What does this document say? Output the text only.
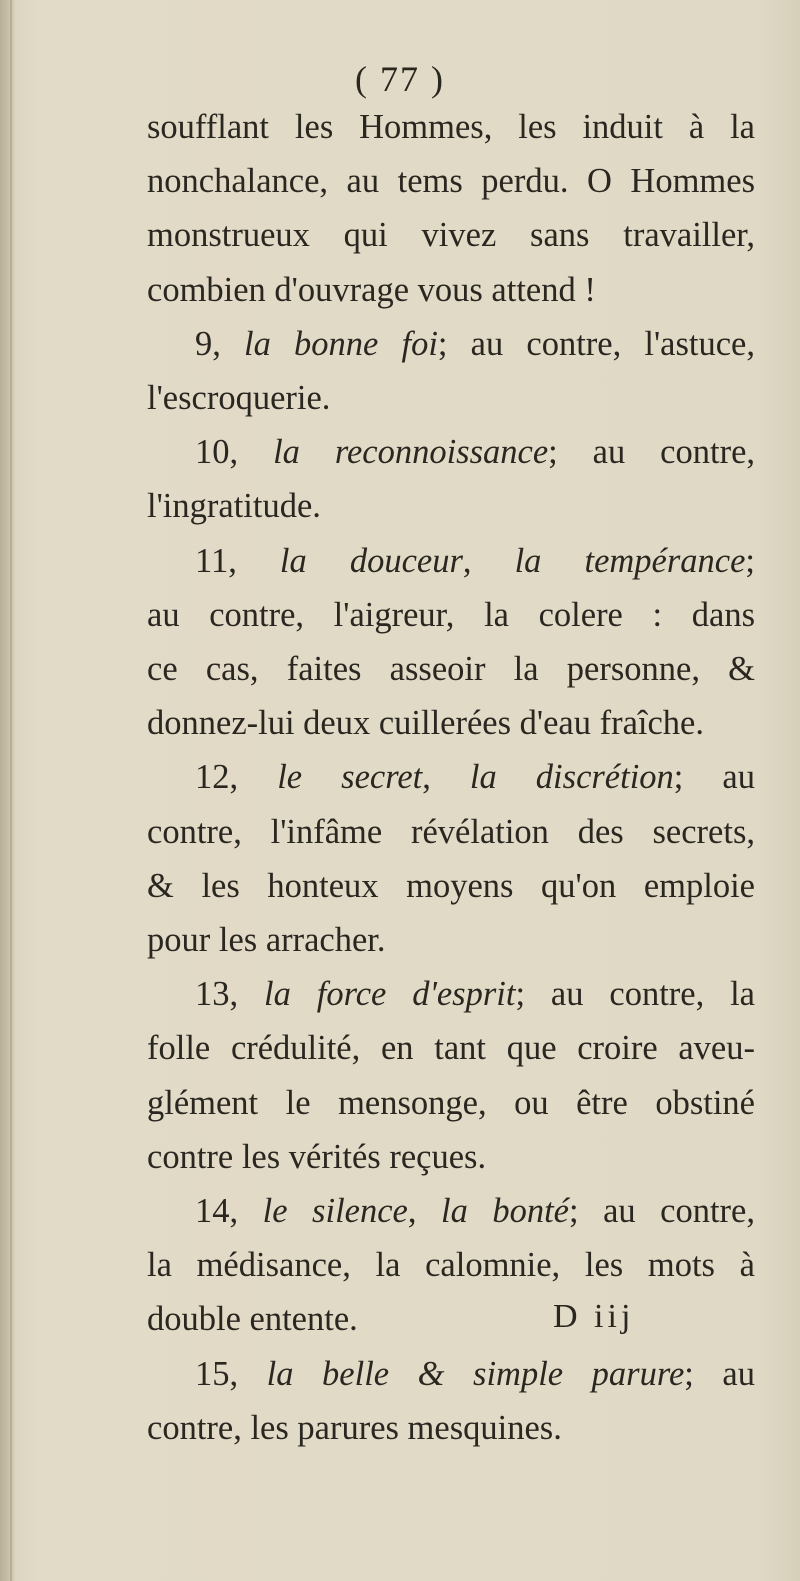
( 77 )
soufflant les Hommes, les induit à la
nonchalance, au tems perdu. O Hommes
monstrueux qui vivez sans travailler,
combien d'ouvrage vous attend !
9, la bonne foi; au contre, l'astuce,
l'escroquerie.
10, la reconnoissance; au contre,
l'ingratitude.
11, la douceur, la tempérance;
au contre, l'aigreur, la colere : dans
ce cas, faites asseoir la personne, &
donnez-lui deux cuillerées d'eau fraîche.
12, le secret, la discrétion; au
contre, l'infâme révélation des secrets,
& les honteux moyens qu'on emploie
pour les arracher.
13, la force d'esprit; au contre, la
folle crédulité, en tant que croire aveu-
glément le mensonge, ou être obstiné
contre les vérités reçues.
14, le silence, la bonté; au contre,
la médisance, la calomnie, les mots à
double entente.
15, la belle & simple parure; au
contre, les parures mesquines.
D iij
